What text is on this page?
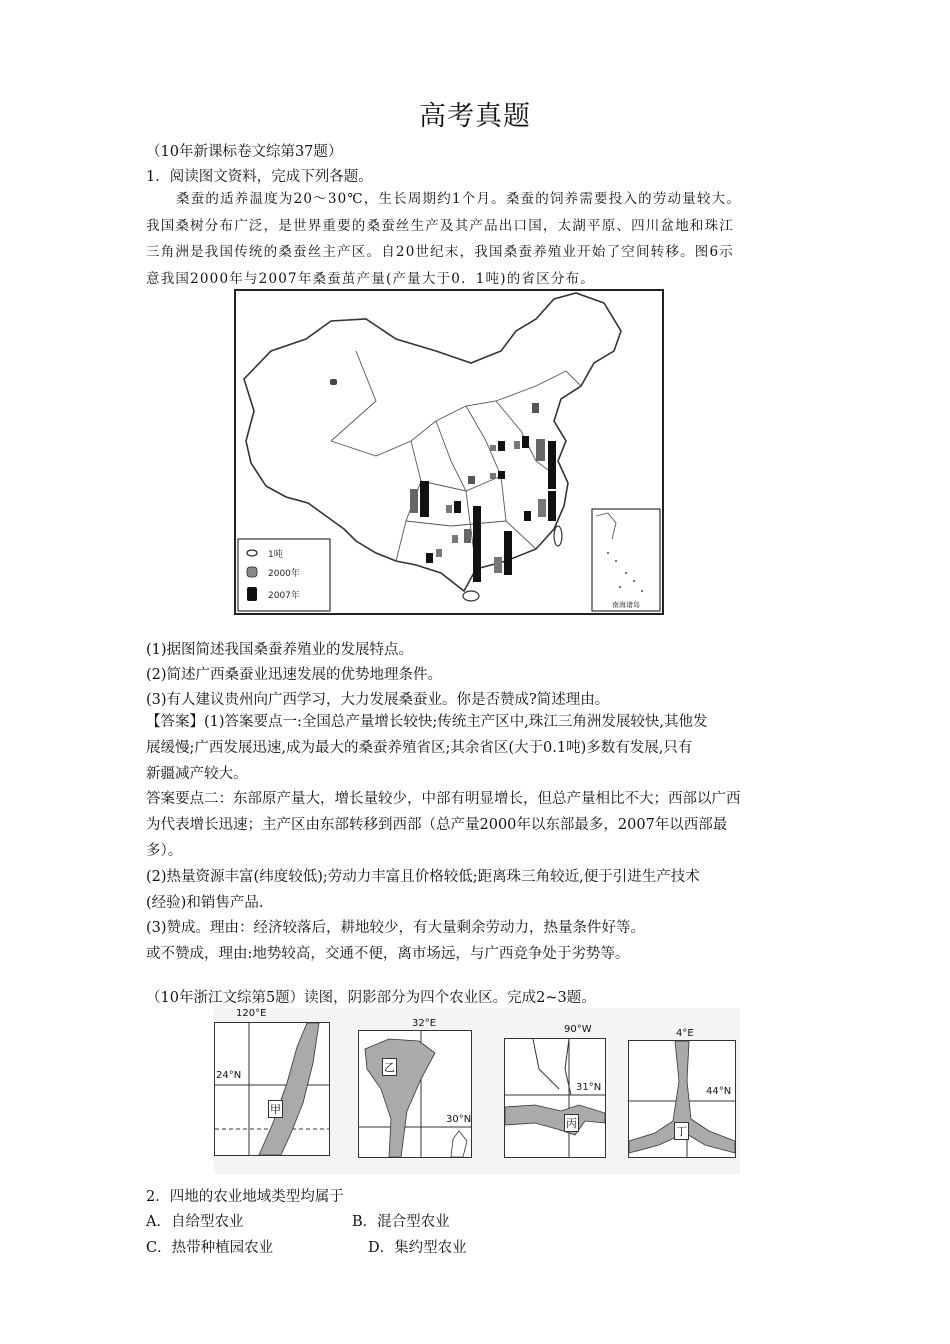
高考真题
（10年新课标卷文综第37题）
1．阅读图文资料，完成下列各题。
桑蚕的适养温度为20～30℃，生长周期约1个月。桑蚕的饲养需要投入的劳动量较大。
我国桑树分布广泛，是世界重要的桑蚕丝生产及其产品出口国，太湖平原、四川盆地和珠江
三角洲是我国传统的桑蚕丝主产区。自20世纪末，我国桑蚕养殖业开始了空间转移。图6示
意我国2000年与2007年桑蚕茧产量(产量大于0．1吨)的省区分布。
南海诸岛
1吨
2000年
2007年
(1)据图简述我国桑蚕养殖业的发展特点。
(2)简述广西桑蚕业迅速发展的优势地理条件。
(3)有人建议贵州向广西学习，大力发展桑蚕业。你是否赞成?简述理由。
【答案】(1)答案要点一:全国总产量增长较快;传统主产区中,珠江三角洲发展较快,其他发
展缓慢;广西发展迅速,成为最大的桑蚕养殖省区;其余省区(大于0.1吨)多数有发展,只有
新疆减产较大。
答案要点二：东部原产量大，增长量较少，中部有明显增长，但总产量相比不大；西部以广西
为代表增长迅速；主产区由东部转移到西部（总产量2000年以东部最多，2007年以西部最
多）。
(2)热量资源丰富(纬度较低);劳动力丰富且价格较低;距离珠三角较近,便于引进生产技术
(经验)和销售产品.
(3)赞成。理由：经济较落后，耕地较少，有大量剩余劳动力，热量条件好等。
或不赞成，理由:地势较高，交通不便，离市场远，与广西竞争处于劣势等。
（10年浙江文综第5题）读图，阴影部分为四个农业区。完成2~3题。
120°E
24°N
甲
32°E
30°N
乙
90°W
31°N
丙
4°E
44°N
丁
2．四地的农业地域类型均属于
A．自给型农业	B．混合型农业
C．热带种植园农业	D．集约型农业
